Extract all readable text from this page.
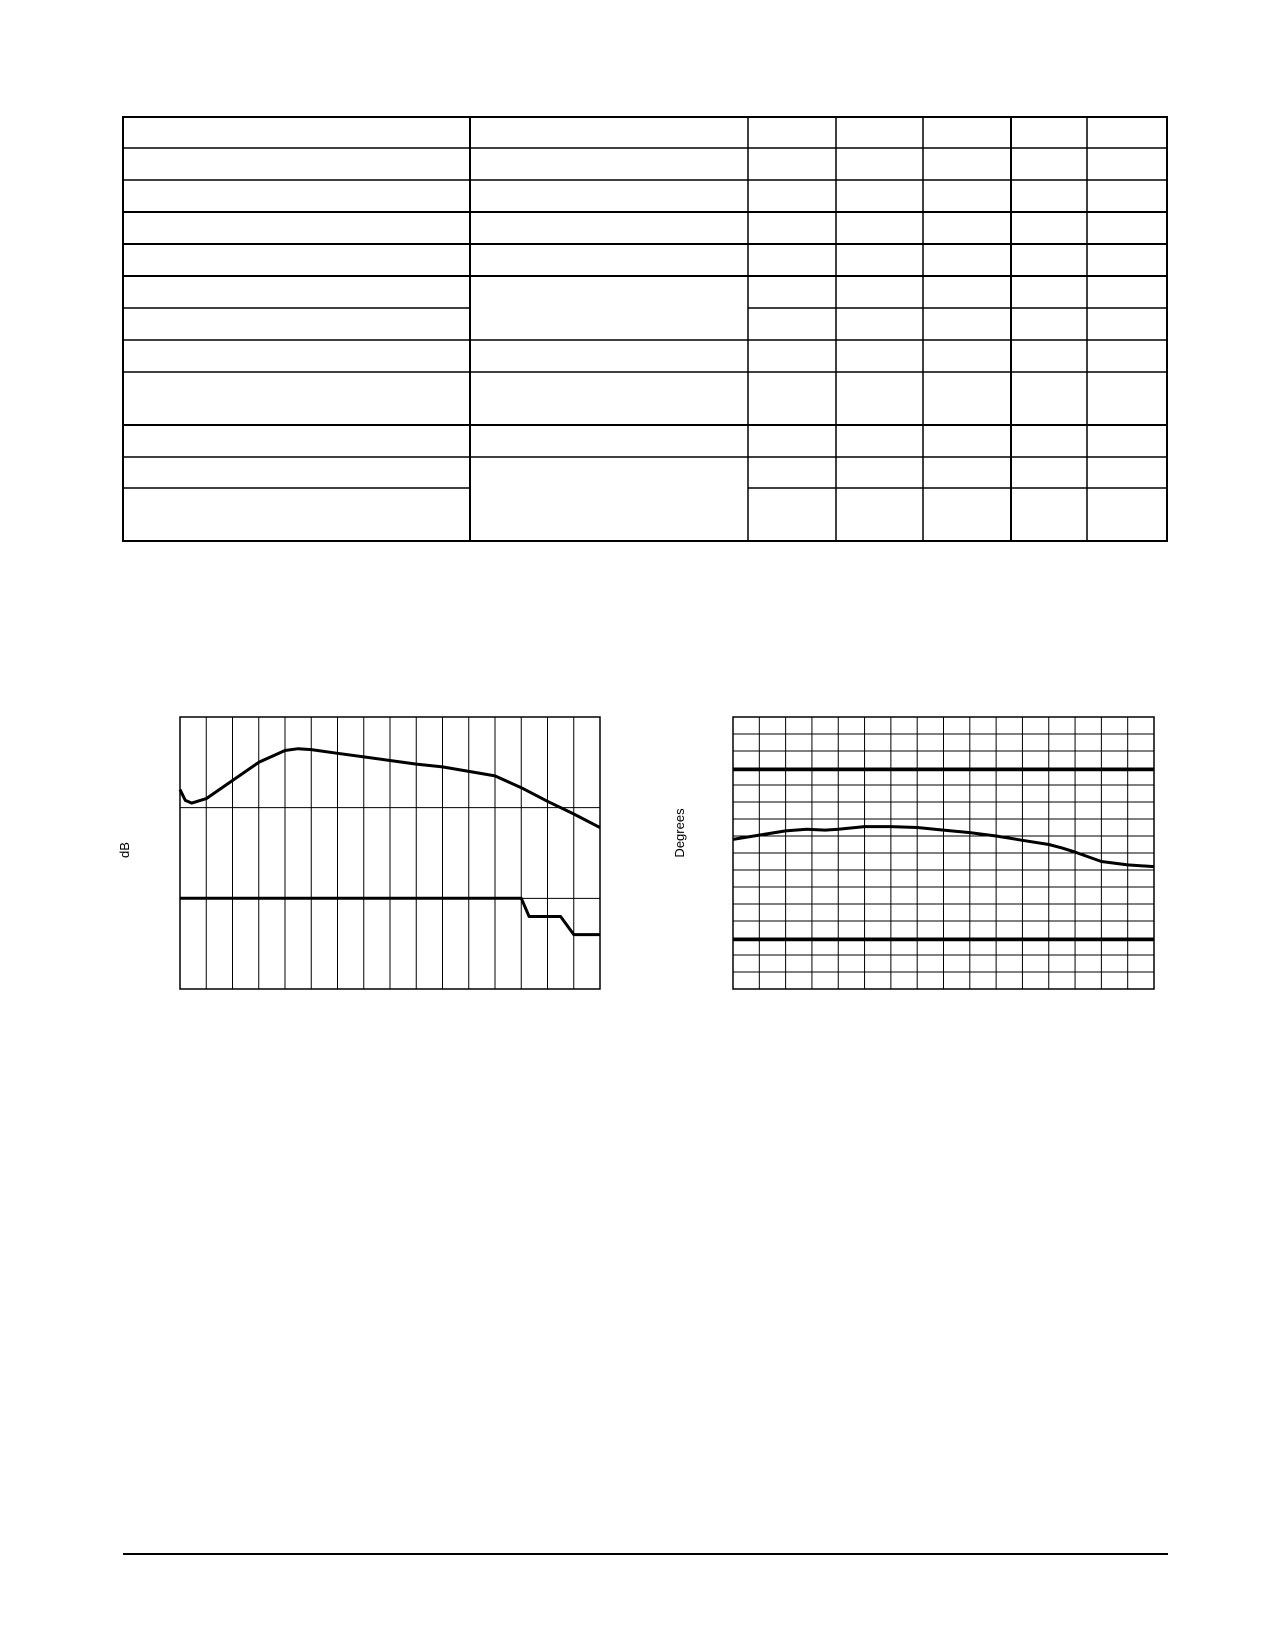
dB	Degrees
